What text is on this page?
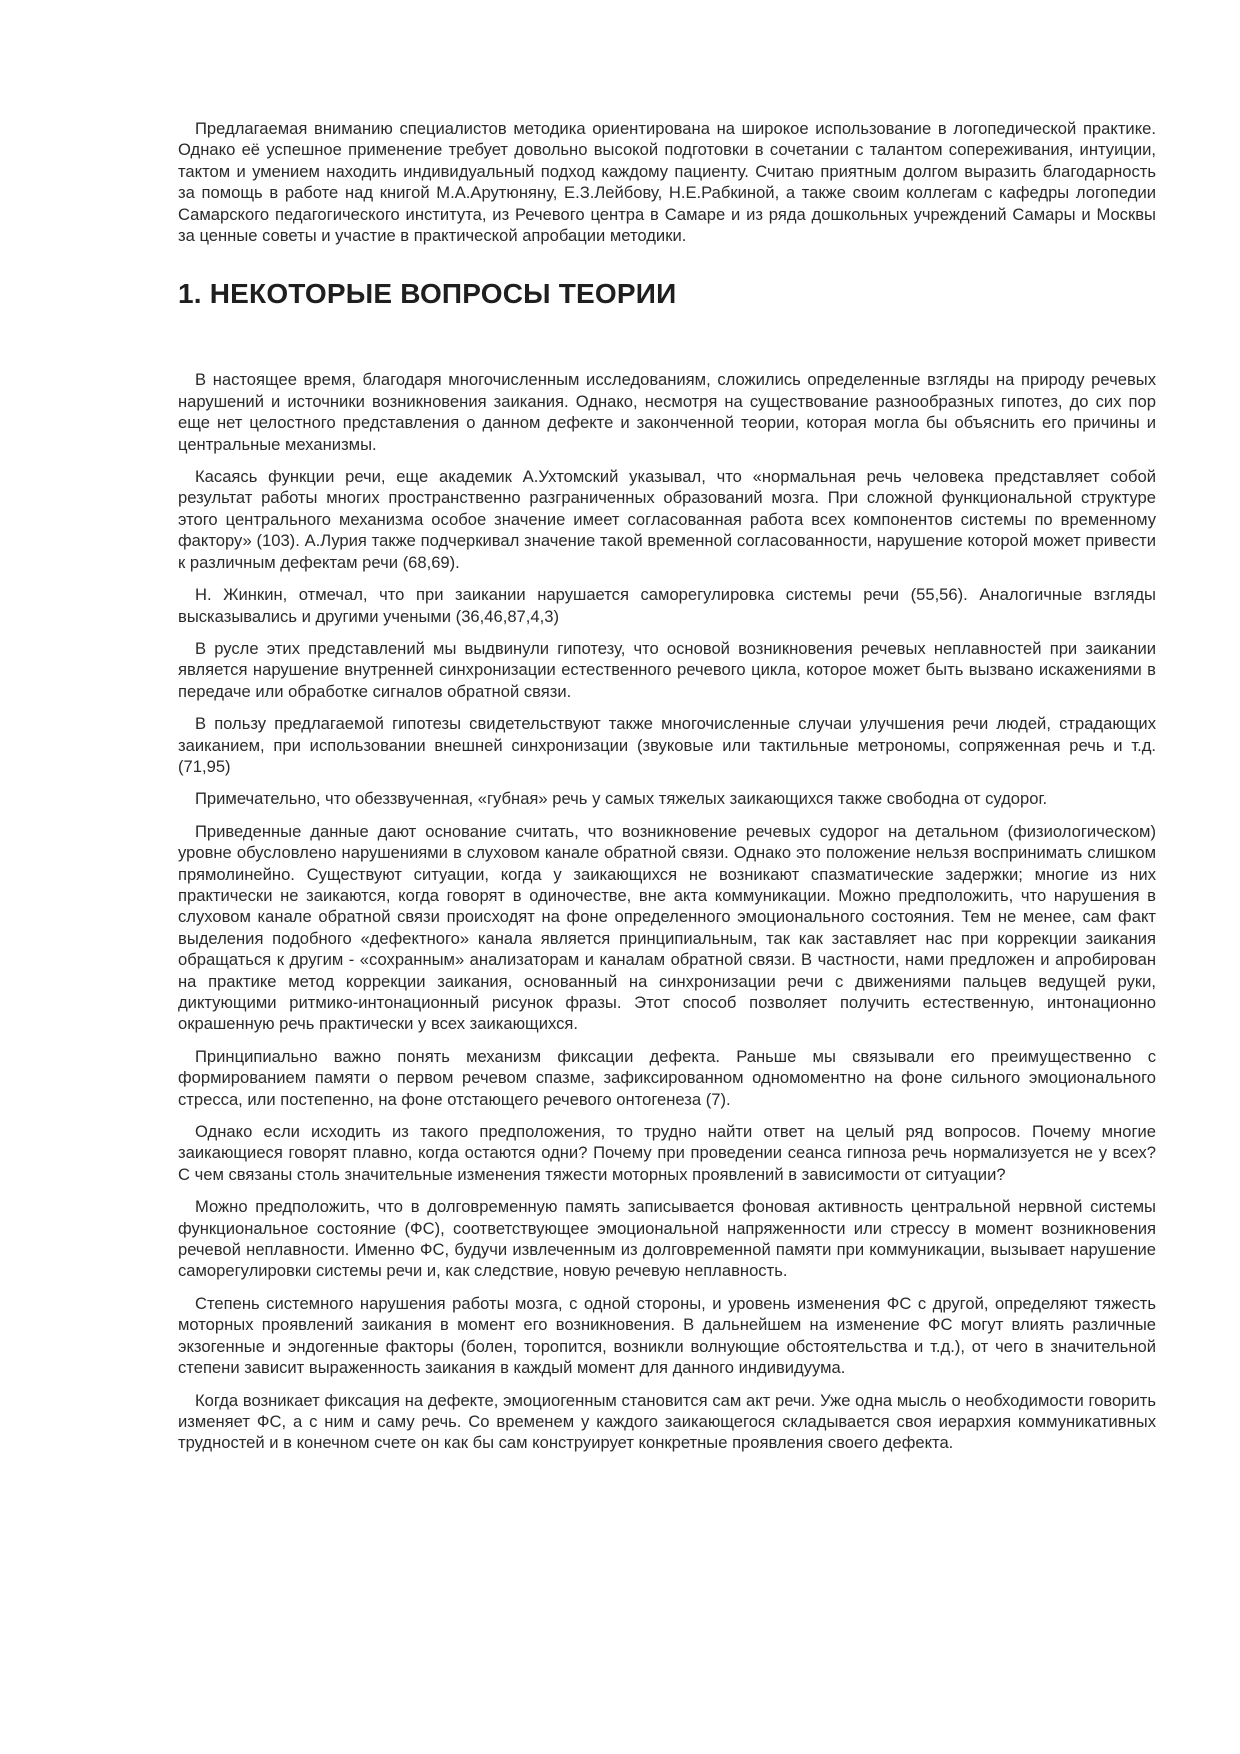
Предлагаемая вниманию специалистов методика ориентирована на широкое использование в логопедической практике. Однако её успешное применение требует довольно высокой подготовки в сочетании с талантом сопереживания, интуиции, тактом и умением находить индивидуальный подход каждому пациенту. Считаю приятным долгом выразить благодарность за помощь в работе над книгой М.А.Арутюняну, Е.З.Лейбову, Н.Е.Рабкиной, а также своим коллегам с кафедры логопедии Самарского педагогического института, из Речевого центра в Самаре и из ряда дошкольных учреждений Самары и Москвы за ценные советы и участие в практической апробации методики.

1. НЕКОТОРЫЕ ВОПРОСЫ ТЕОРИИ

В настоящее время, благодаря многочисленным исследованиям, сложились определенные взгляды на природу речевых нарушений и источники возникновения заикания. Однако, несмотря на существование разнообразных гипотез, до сих пор еще нет целостного представления о данном дефекте и законченной теории, которая могла бы объяснить его причины и центральные механизмы.

Касаясь функции речи, еще академик А.Ухтомский указывал, что «нормальная речь человека представляет собой результат работы многих пространственно разграниченных образований мозга. При сложной функциональной структуре этого центрального механизма особое значение имеет согласованная работа всех компонентов системы по временному фактору» (103). А.Лурия также подчеркивал значение такой временной согласованности, нарушение которой может привести к различным дефектам речи (68,69).

Н. Жинкин, отмечал, что при заикании нарушается саморегулировка системы речи (55,56). Аналогичные взгляды высказывались и другими учеными (36,46,87,4,3)

В русле этих представлений мы выдвинули гипотезу, что основой возникновения речевых неплавностей при заикании является нарушение внутренней синхронизации естественного речевого цикла, которое может быть вызвано искажениями в передаче или обработке сигналов обратной связи.

В пользу предлагаемой гипотезы свидетельствуют также многочисленные случаи улучшения речи людей, страдающих заиканием, при использовании внешней синхронизации (звуковые или тактильные метрономы, сопряженная речь и т.д. (71,95)

Примечательно, что обеззвученная, «губная» речь у самых тяжелых заикающихся также свободна от судорог.

Приведенные данные дают основание считать, что возникновение речевых судорог на детальном (физиологическом) уровне обусловлено нарушениями в слуховом канале обратной связи. Однако это положение нельзя воспринимать слишком прямолинейно. Существуют ситуации, когда у заикающихся не возникают спазматические задержки; многие из них практически не заикаются, когда говорят в одиночестве, вне акта коммуникации. Можно предположить, что нарушения в слуховом канале обратной связи происходят на фоне определенного эмоционального состояния. Тем не менее, сам факт выделения подобного «дефектного» канала является принципиальным, так как заставляет нас при коррекции заикания обращаться к другим - «сохранным» анализаторам и каналам обратной связи. В частности, нами предложен и апробирован на практике метод коррекции заикания, основанный на синхронизации речи с движениями пальцев ведущей руки, диктующими ритмико-интонационный рисунок фразы. Этот способ позволяет получить естественную, интонационно окрашенную речь практически у всех заикающихся.

Принципиально важно понять механизм фиксации дефекта. Раньше мы связывали его преимущественно с формированием памяти о первом речевом спазме, зафиксированном одномоментно на фоне сильного эмоционального стресса, или постепенно, на фоне отстающего речевого онтогенеза (7).

Однако если исходить из такого предположения, то трудно найти ответ на целый ряд вопросов. Почему многие заикающиеся говорят плавно, когда остаются одни? Почему при проведении сеанса гипноза речь нормализуется не у всех? С чем связаны столь значительные изменения тяжести моторных проявлений в зависимости от ситуации?

Можно предположить, что в долговременную память записывается фоновая активность центральной нервной системы функциональное состояние (ФС), соответствующее эмоциональной напряженности или стрессу в момент возникновения речевой неплавности. Именно ФС, будучи извлеченным из долговременной памяти при коммуникации, вызывает нарушение саморегулировки системы речи и, как следствие, новую речевую неплавность.

Степень системного нарушения работы мозга, с одной стороны, и уровень изменения ФС с другой, определяют тяжесть моторных проявлений заикания в момент его возникновения. В дальнейшем на изменение ФС могут влиять различные экзогенные и эндогенные факторы (болен, торопится, возникли волнующие обстоятельства и т.д.), от чего в значительной степени зависит выраженность заикания в каждый момент для данного индивидуума.

Когда возникает фиксация на дефекте, эмоциогенным становится сам акт речи. Уже одна мысль о необходимости говорить изменяет ФС, а с ним и саму речь. Со временем у каждого заикающегося складывается своя иерархия коммуникативных трудностей и в конечном счете он как бы сам конструирует конкретные проявления своего дефекта.
